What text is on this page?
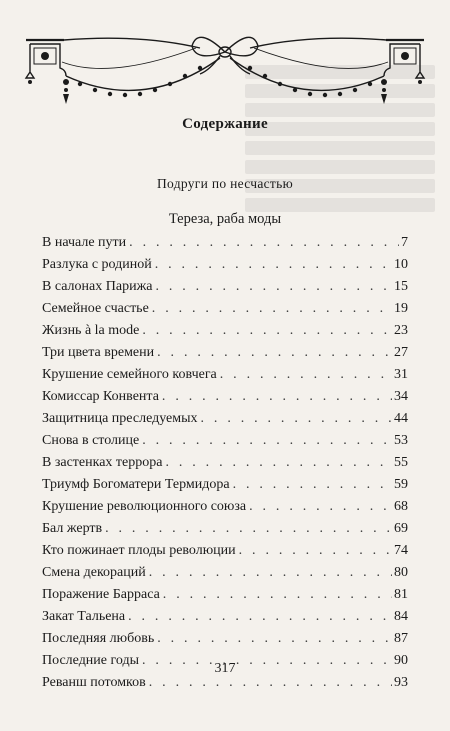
Содержание
Подруги по несчастью
Тереза, раба моды
В начале пути . . .	7
Разлука с родиной . . .	10
В салонах Парижа . . .	15
Семейное счастье . . .	19
Жизнь à la mode . . .	23
Три цвета времени . . .	27
Крушение семейного ковчега . . .	31
Комиссар Конвента . . .	34
Защитница преследуемых . . .	44
Снова в столице . . .	53
В застенках террора . . .	55
Триумф Богоматери Термидора . . .	59
Крушение революционного союза . . .	68
Бал жертв . . .	69
Кто пожинает плоды революции . . .	74
Смена декораций . . .	80
Поражение Барраса . . .	81
Закат Тальена . . .	84
Последняя любовь . . .	87
Последние годы . . .	90
Реванш потомков . . .	93
317
